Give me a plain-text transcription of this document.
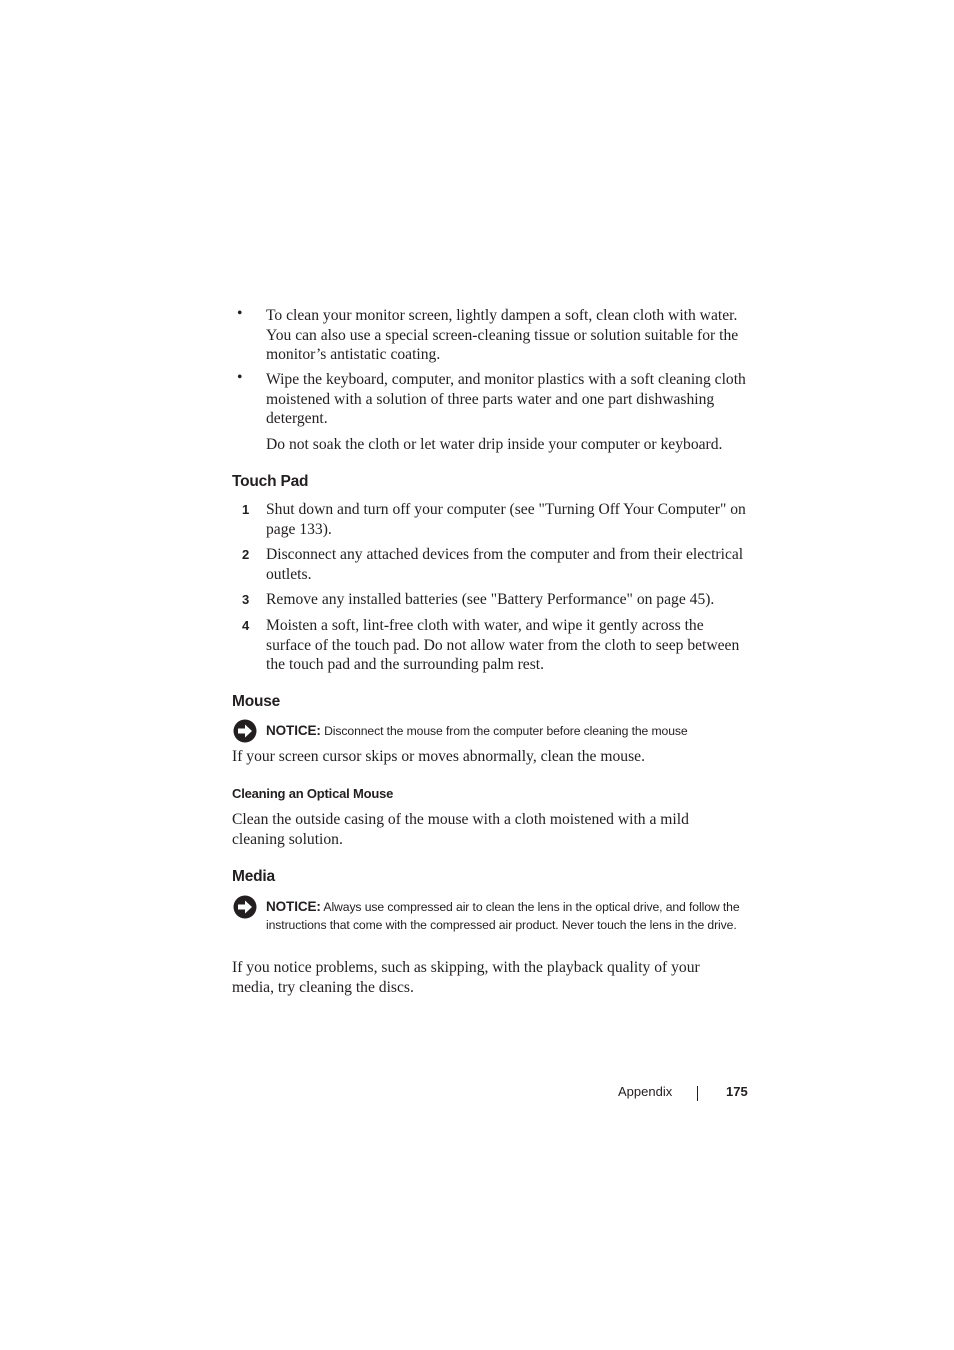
• To clean your monitor screen, lightly dampen a soft, clean cloth with water. You can also use a special screen-cleaning tissue or solution suitable for the monitor’s antistatic coating.
• Wipe the keyboard, computer, and monitor plastics with a soft cleaning cloth moistened with a solution of three parts water and one part dishwashing detergent.
Do not soak the cloth or let water drip inside your computer or keyboard.
Touch Pad
1 Shut down and turn off your computer (see "Turning Off Your Computer" on page 133).
2 Disconnect any attached devices from the computer and from their electrical outlets.
3 Remove any installed batteries (see "Battery Performance" on page 45).
4 Moisten a soft, lint-free cloth with water, and wipe it gently across the surface of the touch pad. Do not allow water from the cloth to seep between the touch pad and the surrounding palm rest.
Mouse
NOTICE: Disconnect the mouse from the computer before cleaning the mouse
If your screen cursor skips or moves abnormally, clean the mouse.
Cleaning an Optical Mouse
Clean the outside casing of the mouse with a cloth moistened with a mild cleaning solution.
Media
NOTICE: Always use compressed air to clean the lens in the optical drive, and follow the instructions that come with the compressed air product. Never touch the lens in the drive.
If you notice problems, such as skipping, with the playback quality of your media, try cleaning the discs.
Appendix	175
